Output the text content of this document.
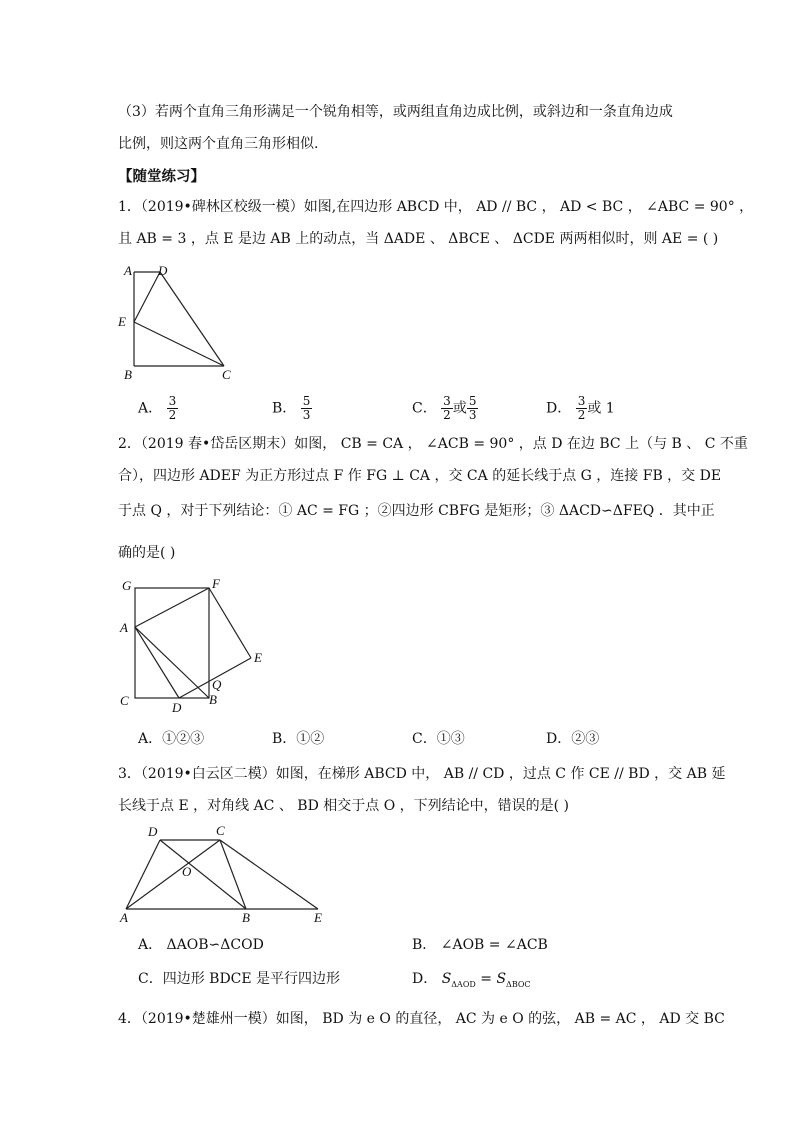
（3）若两个直角三角形满足一个锐角相等，或两组直角边成比例，或斜边和一条直角边成
比例，则这两个直角三角形相似.
【随堂练习】
1．（2019•碑林区校级一模）如图,在四边形 ABCD 中， AD // BC ， AD < BC ， ∠ABC = 90° ，
且 AB = 3 ，点 E 是边 AB 上的动点，当 ΔADE 、 ΔBCE 、 ΔCDE 两两相似时，则 AE = ( )
A D
E
B	C
A． $\frac{3}{2}$	B． $\frac{5}{3}$	C． $\frac{3}{2}$ 或 $\frac{5}{3}$	D． $\frac{3}{2}$ 或 1
2．（2019 春•岱岳区期末）如图， CB = CA ， ∠ACB = 90° ，点 D 在边 BC 上（与 B 、 C 不重
合），四边形 ADEF 为正方形过点 F 作 FG ⊥ CA ，交 CA 的延长线于点 G ，连接 FB ，交 DE
于点 Q ，对于下列结论：① AC = FG ；②四边形 CBFG 是矩形；③ ΔACD∽ΔFEQ ．其中正
确的是( )
G	F
A
E
Q
C	D
B
A．①②③	B．①②	C．①③	D．②③
3．（2019•白云区二模）如图，在梯形 ABCD 中， AB // CD ，过点 C 作 CE // BD ，交 AB 延
长线于点 E ，对角线 AC 、 BD 相交于点 O ，下列结论中，错误的是( )
D	C
O
A	B	E
A． ΔAOB∽ΔCOD	B． ∠AOB = ∠ACB
C．四边形 BDCE 是平行四边形	D． $S_{\Delta AOD} = S_{\Delta BOC}$
4．（2019•楚雄州一模）如图， BD 为 e O 的直径， AC 为 e O 的弦， AB = AC ， AD 交 BC
